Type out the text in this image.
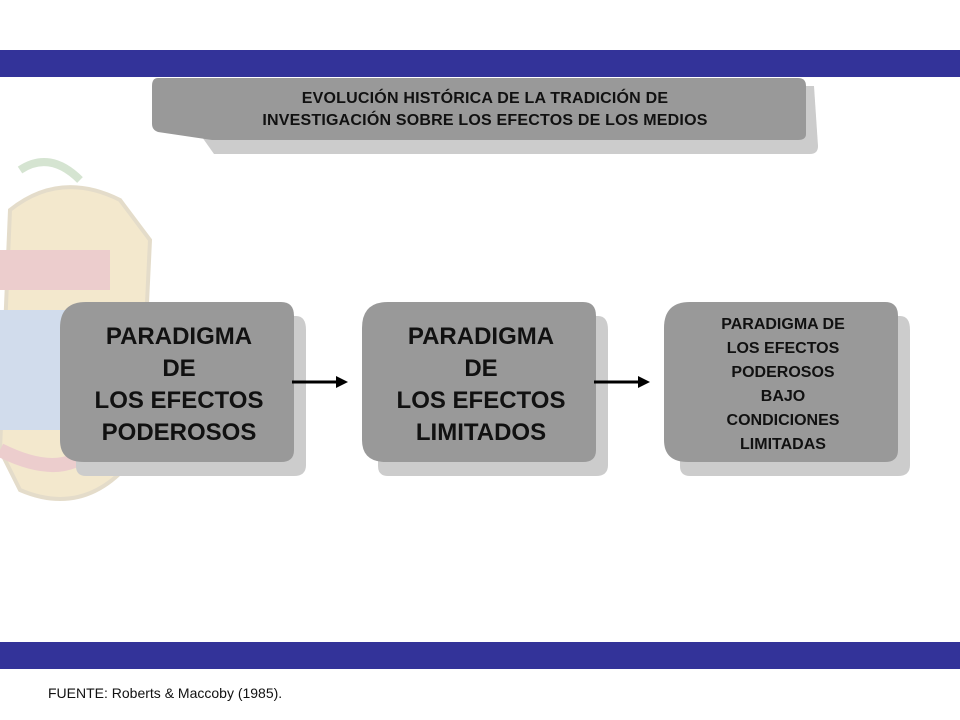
EVOLUCIÓN HISTÓRICA DE LA TRADICIÓN DE
INVESTIGACIÓN SOBRE LOS EFECTOS DE LOS MEDIOS
PARADIGMA
DE
LOS EFECTOS
PODEROSOS
PARADIGMA
DE
LOS EFECTOS
LIMITADOS
PARADIGMA DE
LOS EFECTOS
PODEROSOS
BAJO
CONDICIONES
LIMITADAS
FUENTE: Roberts & Maccoby (1985).
